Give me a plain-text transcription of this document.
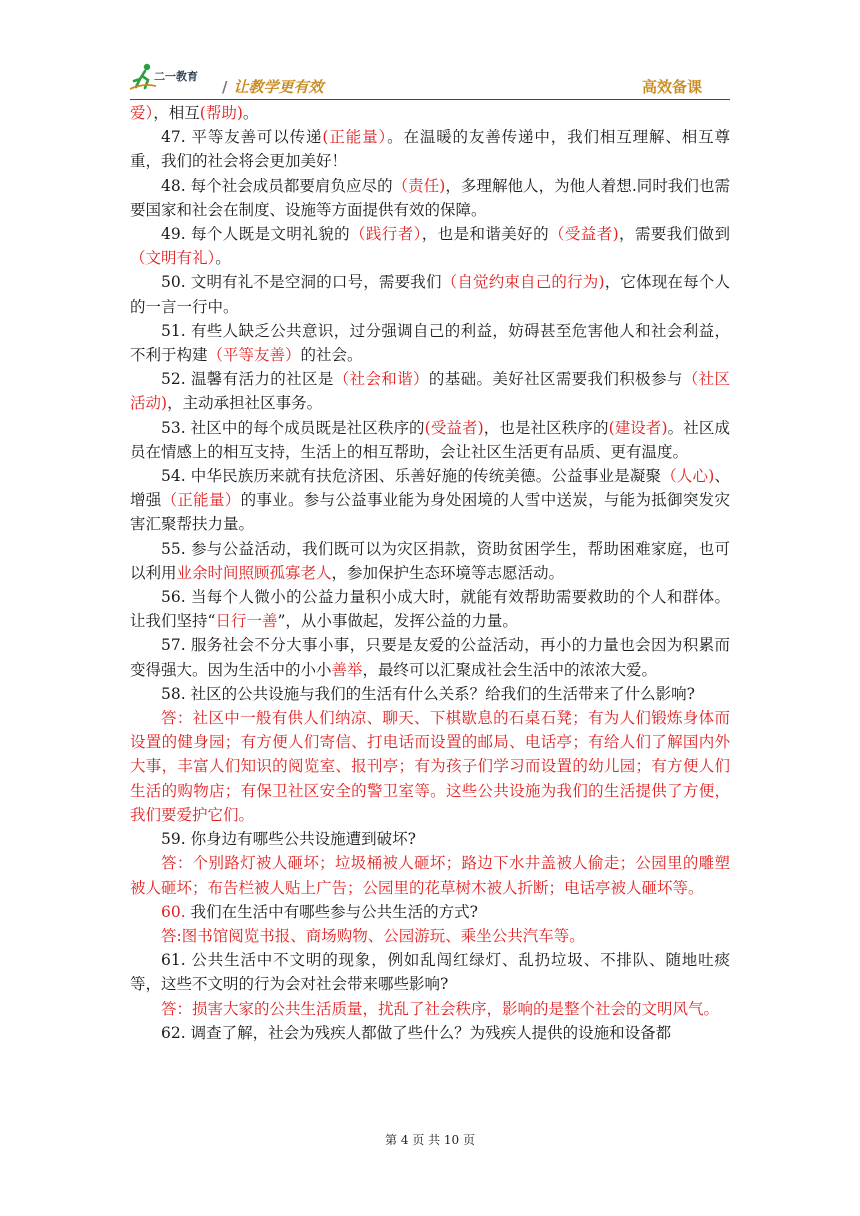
二一教育
/ 让教学更有效	高效备课

爱），相互(帮助)。

47. 平等友善可以传递(正能量）。在温暖的友善传递中，我们相互理解、相互尊重，我们的社会将会更加美好！

48. 每个社会成员都要肩负应尽的（责任)，多理解他人，为他人着想.同时我们也需要国家和社会在制度、设施等方面提供有效的保障。

49. 每个人既是文明礼貌的（践行者），也是和谐美好的（受益者)，需要我们做到（文明有礼）。

50. 文明有礼不是空洞的口号，需要我们（自觉约束自己的行为)，它体现在每个人的一言一行中。

51. 有些人缺乏公共意识，过分强调自己的利益，妨碍甚至危害他人和社会利益，不利于构建（平等友善）的社会。

52. 温馨有活力的社区是（社会和谐）的基础。美好社区需要我们积极参与（社区活动)，主动承担社区事务。

53. 社区中的每个成员既是社区秩序的(受益者)，也是社区秩序的(建设者)。社区成员在情感上的相互支持，生活上的相互帮助，会让社区生活更有品质、更有温度。

54. 中华民族历来就有扶危济困、乐善好施的传统美德。公益事业是凝聚（人心)、增强（正能量）的事业。参与公益事业能为身处困境的人雪中送炭，与能为抵御突发灾害汇聚帮扶力量。

55. 参与公益活动，我们既可以为灾区捐款，资助贫困学生，帮助困难家庭，也可以利用业余时间照顾孤寡老人，参加保护生态环境等志愿活动。

56. 当每个人微小的公益力量积小成大时，就能有效帮助需要救助的个人和群体。让我们坚持“日行一善”，从小事做起，发挥公益的力量。

57. 服务社会不分大事小事，只要是友爱的公益活动，再小的力量也会因为积累而变得强大。因为生活中的小小善举，最终可以汇聚成社会生活中的浓浓大爱。

58. 社区的公共设施与我们的生活有什么关系？给我们的生活带来了什么影响?

答：社区中一般有供人们纳凉、聊天、下棋歇息的石桌石凳；有为人们锻炼身体而设置的健身园；有方便人们寄信、打电话而设置的邮局、电话亭；有给人们了解国内外大事，丰富人们知识的阅览室、报刊亭；有为孩子们学习而设置的幼儿园；有方便人们生活的购物店；有保卫社区安全的警卫室等。这些公共设施为我们的生活提供了方便，我们要爱护它们。

59. 你身边有哪些公共设施遭到破坏?

答：个别路灯被人砸坏；垃圾桶被人砸坏；路边下水井盖被人偷走；公园里的雕塑被人砸坏；布告栏被人贴上广告；公园里的花草树木被人折断；电话亭被人砸坏等。

60. 我们在生活中有哪些参与公共生活的方式?

答:图书馆阅览书报、商场购物、公园游玩、乘坐公共汽车等。

61. 公共生活中不文明的现象，例如乱闯红绿灯、乱扔垃圾、不排队、随地吐痰等，这些不文明的行为会对社会带来哪些影响?

答：损害大家的公共生活质量，扰乱了社会秩序，影响的是整个社会的文明风气。

62. 调查了解，社会为残疾人都做了些什么？为残疾人提供的设施和设备都

第 4 页 共 10 页
